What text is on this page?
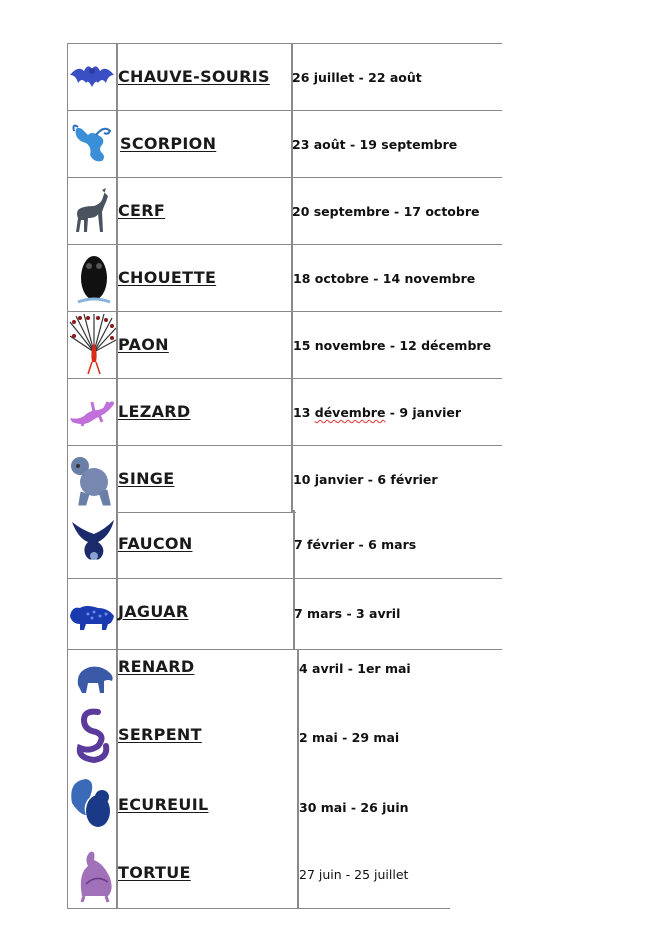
CHAUVE-SOURIS 26 juillet - 22 août
SCORPION	23 août - 19 septembre
CERF	20 septembre - 17 octobre
CHOUETTE	18 octobre - 14 novembre
PAON	15 novembre - 12 décembre
LEZARD	13 dévembre - 9 janvier
SINGE	10 janvier - 6 février
FAUCON	7 février - 6 mars
JAGUAR	7 mars - 3 avril
RENARD	4 avril - 1er mai
SERPENT	2 mai - 29 mai
ECUREUIL	30 mai - 26 juin
TORTUE	27 juin - 25 juillet
